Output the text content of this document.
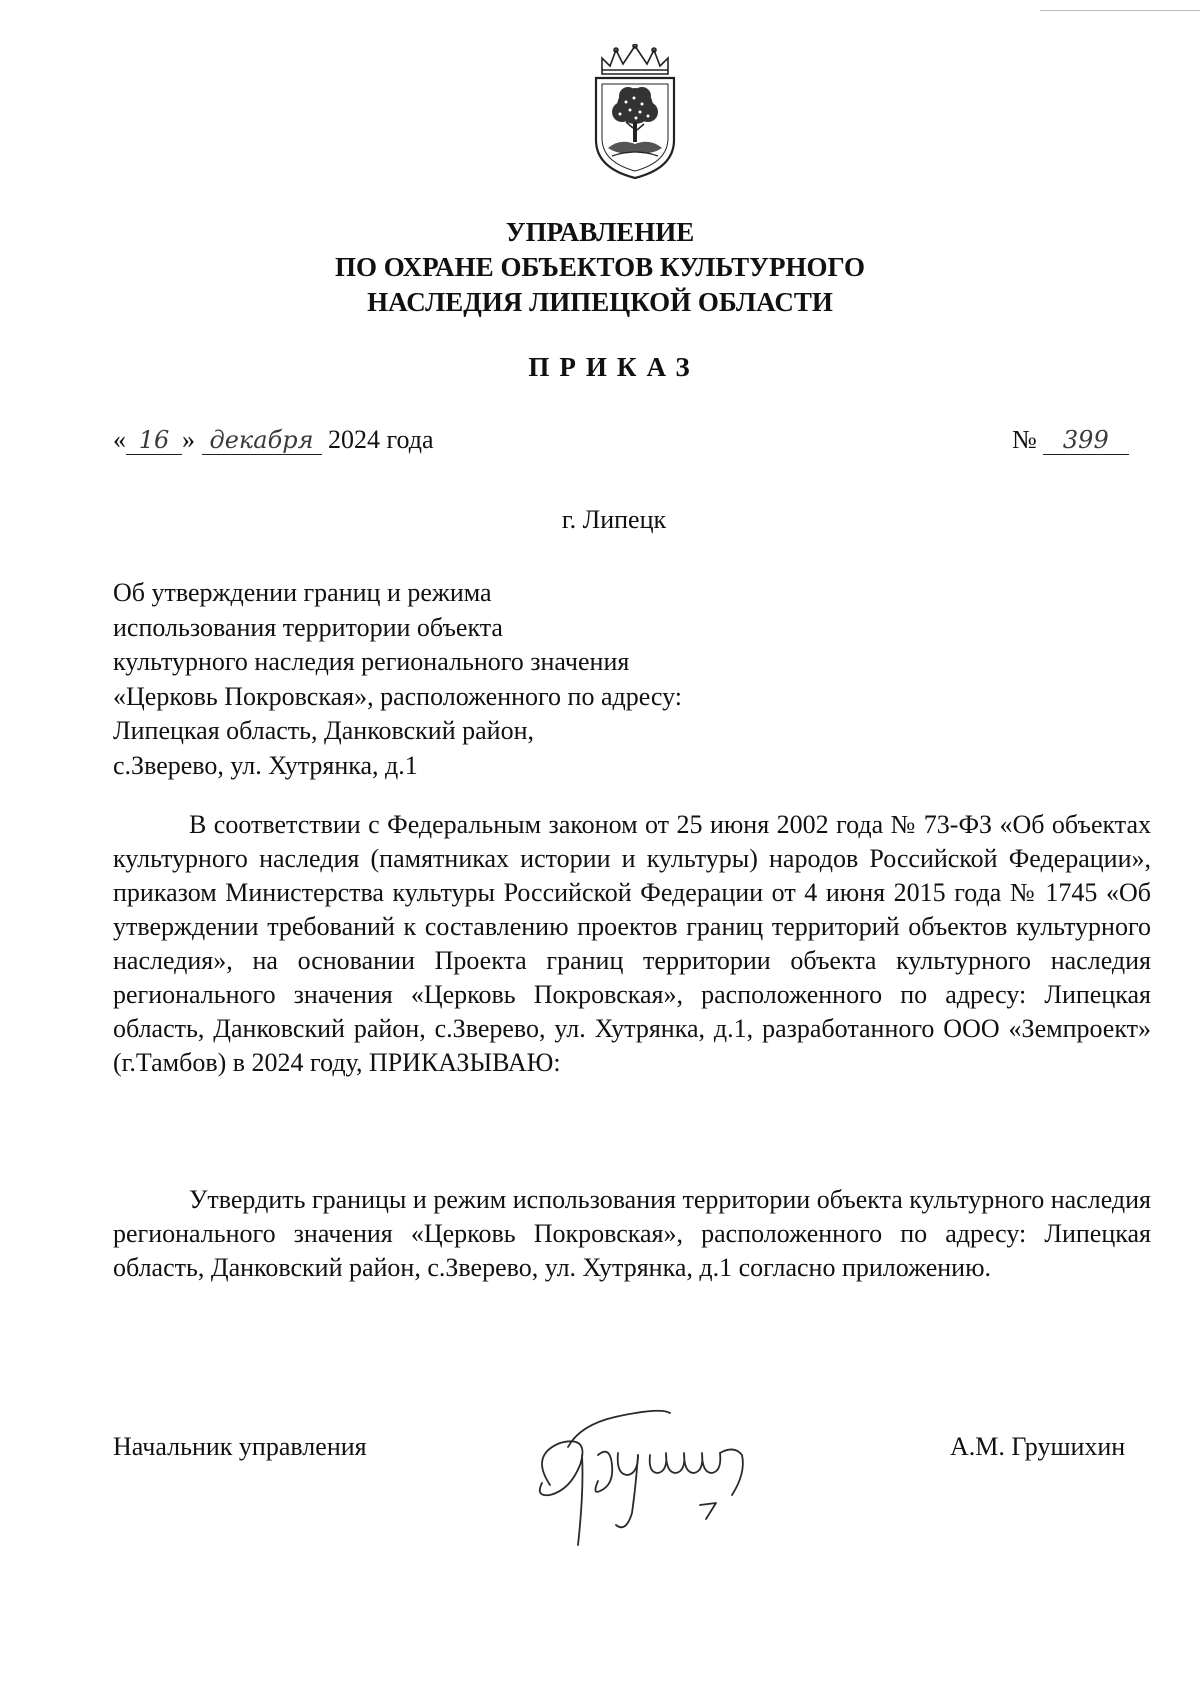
УПРАВЛЕНИЕ
ПО ОХРАНЕ ОБЪЕКТОВ КУЛЬТУРНОГО
НАСЛЕДИЯ ЛИПЕЦКОЙ ОБЛАСТИ
ПРИКАЗ
« 16 » декабря 2024 года	№ 399
г. Липецк
Об утверждении границ и режима
использования территории объекта
культурного наследия регионального значения
«Церковь Покровская», расположенного по адресу:
Липецкая область, Данковский район,
с.Зверево, ул. Хутрянка, д.1

В соответствии с Федеральным законом от 25 июня 2002 года № 73-ФЗ «Об объектах культурного наследия (памятниках истории и культуры) народов Российской Федерации», приказом Министерства культуры Российской Федерации от 4 июня 2015 года № 1745 «Об утверждении требований к составлению проектов границ территорий объектов культурного наследия», на основании Проекта границ территории объекта культурного наследия регионального значения «Церковь Покровская», расположенного по адресу: Липецкая область, Данковский район, с.Зверево, ул. Хутрянка, д.1, разработанного ООО «Земпроект» (г.Тамбов) в 2024 году, ПРИКАЗЫВАЮ:

Утвердить границы и режим использования территории объекта культурного наследия регионального значения «Церковь Покровская», расположенного по адресу: Липецкая область, Данковский район, с.Зверево, ул. Хутрянка, д.1 согласно приложению.

Начальник управления	А.М. Грушихин
